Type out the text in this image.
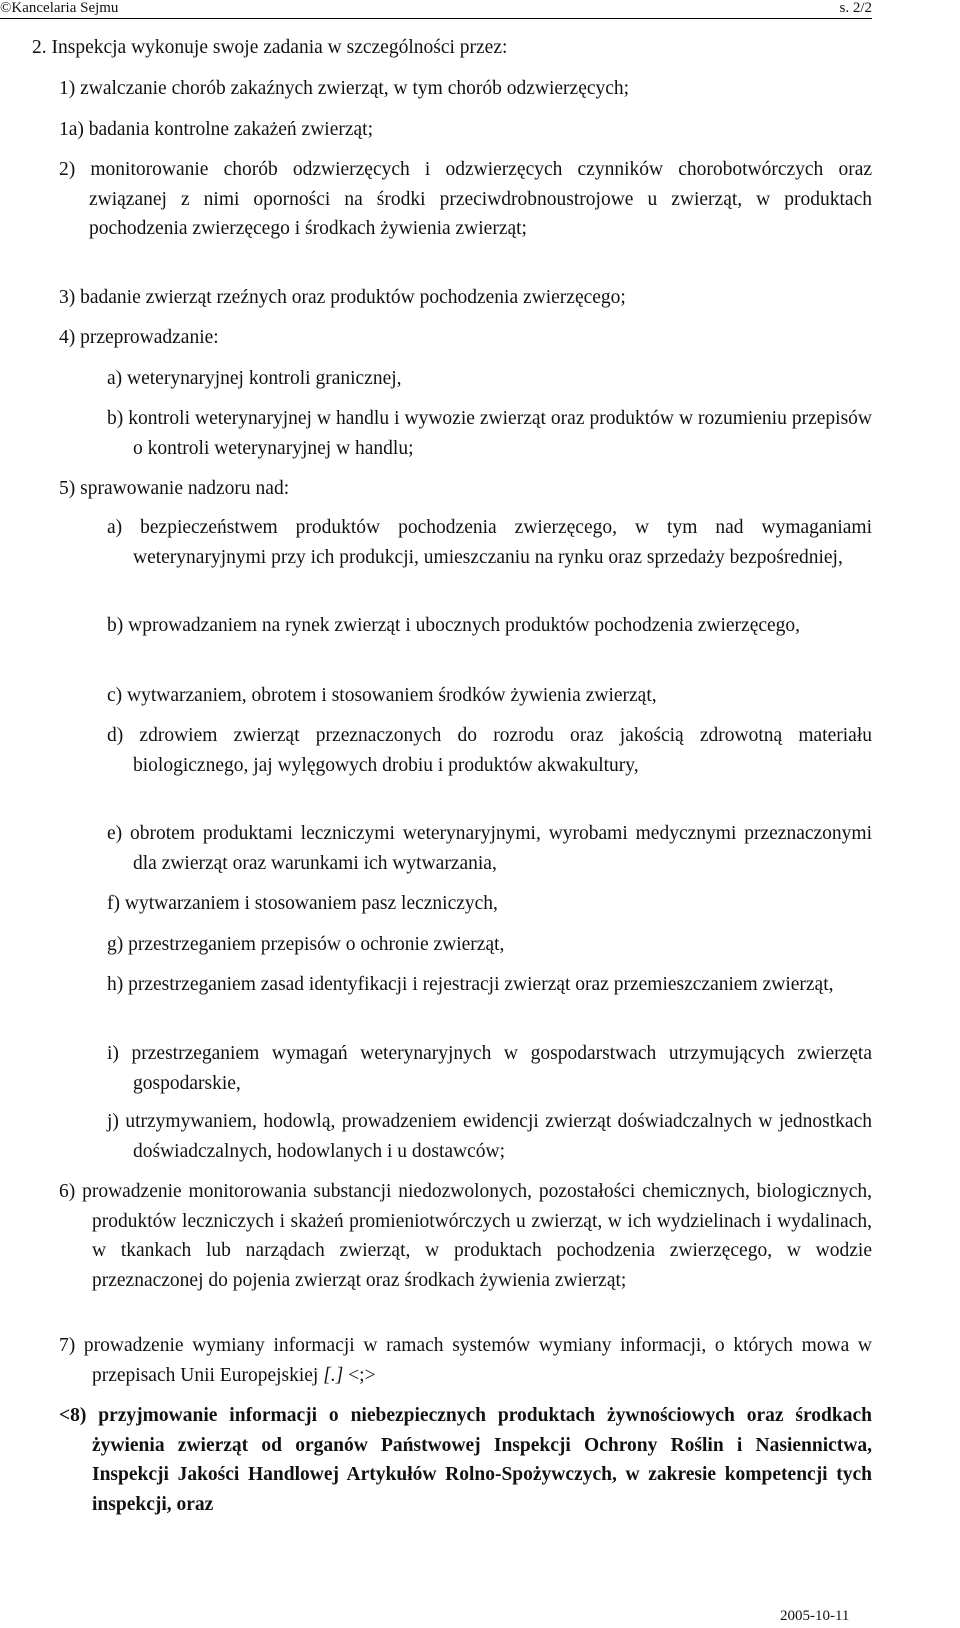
©Kancelaria Sejmu	s. 2/2
2. Inspekcja wykonuje swoje zadania w szczególności przez:
1) zwalczanie chorób zakaźnych zwierząt, w tym chorób odzwierzęcych;
1a) badania kontrolne zakażeń zwierząt;
2) monitorowanie chorób odzwierzęcych i odzwierzęcych czynników chorobotwórczych oraz związanej z nimi oporności na środki przeciwdrobnoustrojowe u zwierząt, w produktach pochodzenia zwierzęcego i środkach żywienia zwierząt;
3) badanie zwierząt rzeźnych oraz produktów pochodzenia zwierzęcego;
4) przeprowadzanie:
a) weterynaryjnej kontroli granicznej,
b) kontroli weterynaryjnej w handlu i wywozie zwierząt oraz produktów w rozumieniu przepisów o kontroli weterynaryjnej w handlu;
5) sprawowanie nadzoru nad:
a) bezpieczeństwem produktów pochodzenia zwierzęcego, w tym nad wymaganiami weterynaryjnymi przy ich produkcji, umieszczaniu na rynku oraz sprzedaży bezpośredniej,
b) wprowadzaniem na rynek zwierząt i ubocznych produktów pochodzenia zwierzęcego,
c) wytwarzaniem, obrotem i stosowaniem środków żywienia zwierząt,
d) zdrowiem zwierząt przeznaczonych do rozrodu oraz jakością zdrowotną materiału biologicznego, jaj wylęgowych drobiu i produktów akwakultury,
e) obrotem produktami leczniczymi weterynaryjnymi, wyrobami medycznymi przeznaczonymi dla zwierząt oraz warunkami ich wytwarzania,
f) wytwarzaniem i stosowaniem pasz leczniczych,
g) przestrzeganiem przepisów o ochronie zwierząt,
h) przestrzeganiem zasad identyfikacji i rejestracji zwierząt oraz przemieszczaniem zwierząt,
i) przestrzeganiem wymagań weterynaryjnych w gospodarstwach utrzymujących zwierzęta gospodarskie,
j) utrzymywaniem, hodowlą, prowadzeniem ewidencji zwierząt doświadczalnych w jednostkach doświadczalnych, hodowlanych i u dostawców;
6) prowadzenie monitorowania substancji niedozwolonych, pozostałości chemicznych, biologicznych, produktów leczniczych i skażeń promieniotwórczych u zwierząt, w ich wydzielinach i wydalinach, w tkankach lub narządach zwierząt, w produktach pochodzenia zwierzęcego, w wodzie przeznaczonej do pojenia zwierząt oraz środkach żywienia zwierząt;
7) prowadzenie wymiany informacji w ramach systemów wymiany informacji, o których mowa w przepisach Unii Europejskiej [.] <;>
<8) przyjmowanie informacji o niebezpiecznych produktach żywnościowych oraz środkach żywienia zwierząt od organów Państwowej Inspekcji Ochrony Roślin i Nasiennictwa, Inspekcji Jakości Handlowej Artykułów Rolno-Spożywczych, w zakresie kompetencji tych inspekcji, oraz
2005-10-11
